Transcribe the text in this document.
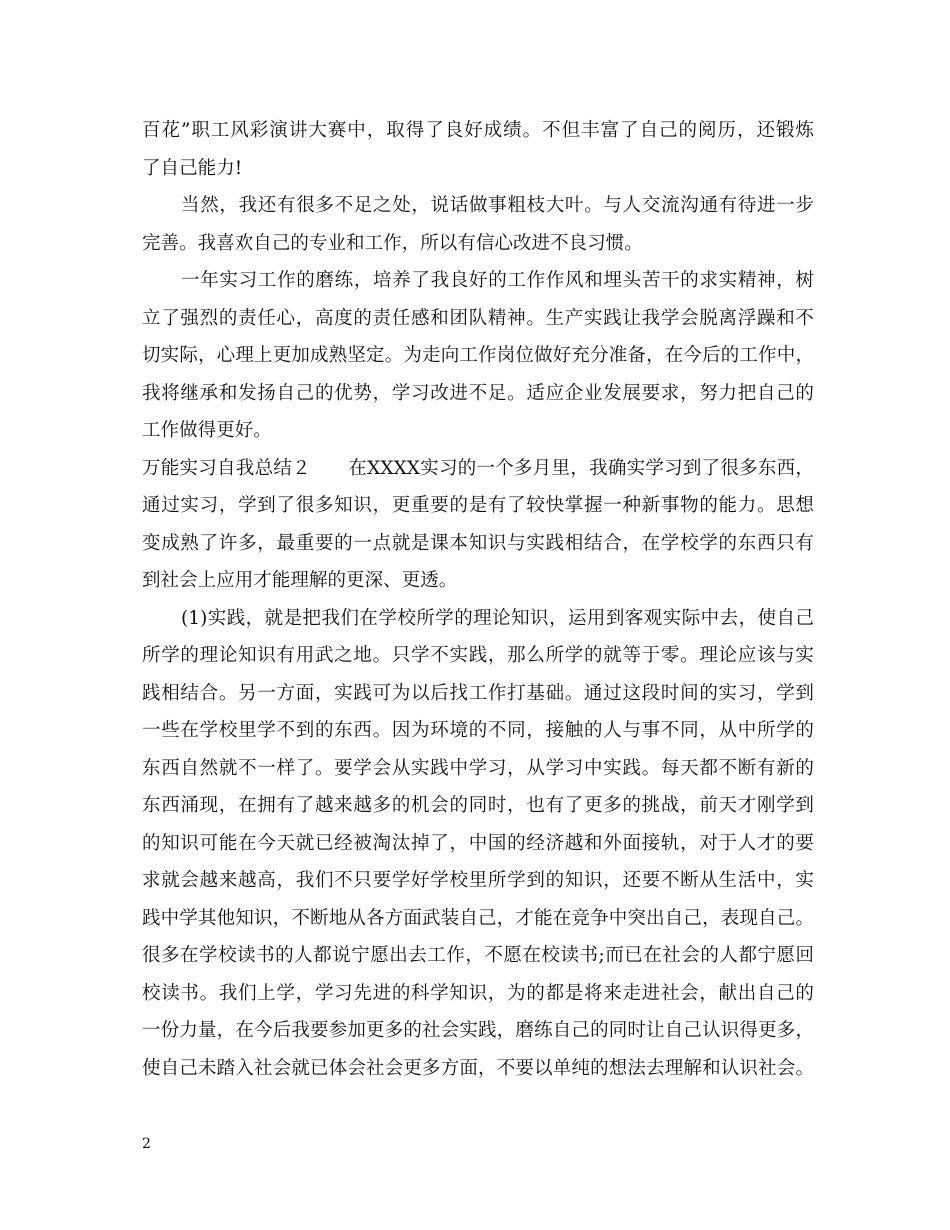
百花”职工风彩演讲大赛中，取得了良好成绩。不但丰富了自己的阅历，还锻炼
了自己能力!
当然，我还有很多不足之处，说话做事粗枝大叶。与人交流沟通有待进一步
完善。我喜欢自己的专业和工作，所以有信心改进不良习惯。
一年实习工作的磨练，培养了我良好的工作作风和埋头苦干的求实精神，树
立了强烈的责任心，高度的责任感和团队精神。生产实践让我学会脱离浮躁和不
切实际，心理上更加成熟坚定。为走向工作岗位做好充分准备，在今后的工作中，
我将继承和发扬自己的优势，学习改进不足。适应企业发展要求，努力把自己的
工作做得更好。
万能实习自我总结２　　在XXXX实习的一个多月里，我确实学习到了很多东西，
通过实习，学到了很多知识，更重要的是有了较快掌握一种新事物的能力。思想
变成熟了许多，最重要的一点就是课本知识与实践相结合，在学校学的东西只有
到社会上应用才能理解的更深、更透。
(1)实践，就是把我们在学校所学的理论知识，运用到客观实际中去，使自己
所学的理论知识有用武之地。只学不实践，那么所学的就等于零。理论应该与实
践相结合。另一方面，实践可为以后找工作打基础。通过这段时间的实习，学到
一些在学校里学不到的东西。因为环境的不同，接触的人与事不同，从中所学的
东西自然就不一样了。要学会从实践中学习，从学习中实践。每天都不断有新的
东西涌现，在拥有了越来越多的机会的同时，也有了更多的挑战，前天才刚学到
的知识可能在今天就已经被淘汰掉了，中国的经济越和外面接轨，对于人才的要
求就会越来越高，我们不只要学好学校里所学到的知识，还要不断从生活中，实
践中学其他知识，不断地从各方面武装自己，才能在竞争中突出自己，表现自己。
很多在学校读书的人都说宁愿出去工作，不愿在校读书;而已在社会的人都宁愿回
校读书。我们上学，学习先进的科学知识，为的都是将来走进社会，献出自己的
一份力量，在今后我要参加更多的社会实践，磨练自己的同时让自己认识得更多，
使自己未踏入社会就已体会社会更多方面，不要以单纯的想法去理解和认识社会。
2
